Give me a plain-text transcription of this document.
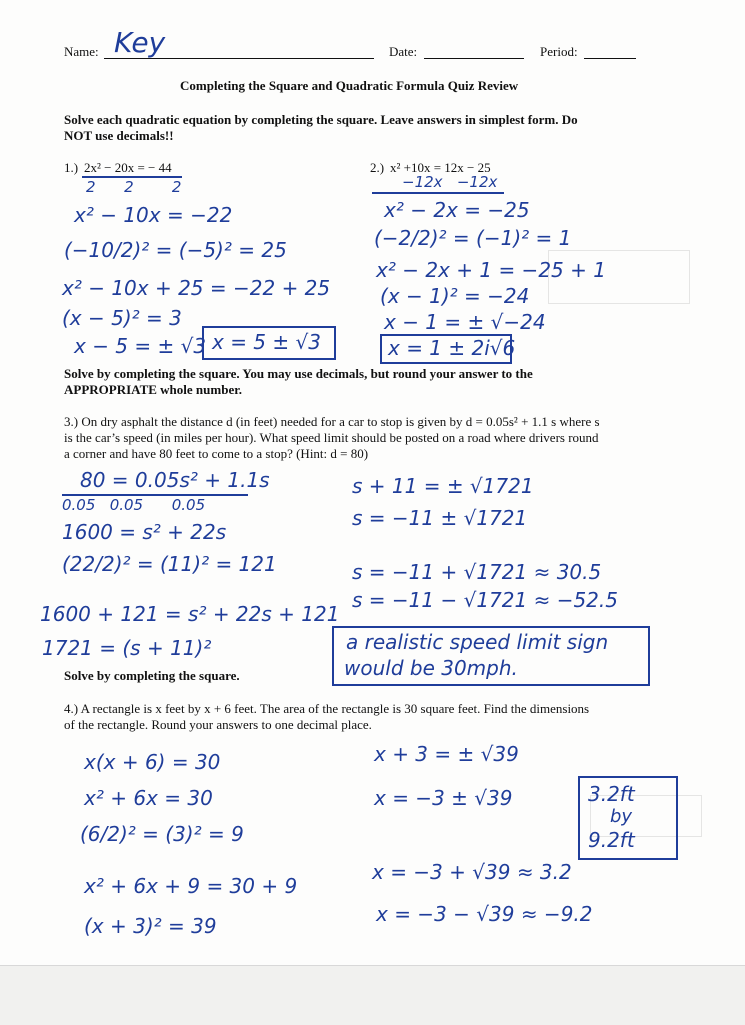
Name: Key	Date:	Period:
Completing the Square and Quadratic Formula Quiz Review
Solve each quadratic equation by completing the square. Leave answers in simplest form. Do
NOT use decimals!!
1.) 2x² − 20x = − 44
2      2        2
x² − 10x = −22
(−10/2)² = (−5)² = 25
x² − 10x + 25 = −22 + 25
(x − 5)² = 3
x − 5 = ± √3 x = 5 ± √3
2.) x² +10x = 12x − 25
−12x   −12x
x² − 2x = −25
(−2/2)² = (−1)² = 1
x² − 2x + 1 = −25 + 1
(x − 1)² = −24
x − 1 = ± √−24
x = 1 ± 2i√6
Solve by completing the square. You may use decimals, but round your answer to the
APPROPRIATE whole number.
3.) On dry asphalt the distance d (in feet) needed for a car to stop is given by d = 0.05s² + 1.1 s where s
is the car’s speed (in miles per hour). What speed limit should be posted on a road where drivers round
a corner and have 80 feet to come to a stop? (Hint: d = 80)
80 = 0.05s² + 1.1s
0.05   0.05      0.05
1600 = s² + 22s
(22/2)² = (11)² = 121
1600 + 121 = s² + 22s + 121
1721 = (s + 11)²
s + 11 = ± √1721
s = −11 ± √1721
s = −11 + √1721 ≈ 30.5
s = −11 − √1721 ≈ −52.5
a realistic speed limit sign
would be 30mph.
Solve by completing the square.
4.) A rectangle is x feet by x + 6 feet. The area of the rectangle is 30 square feet. Find the dimensions
of the rectangle. Round your answers to one decimal place.
x(x + 6) = 30
x² + 6x = 30
(6/2)² = (3)² = 9
x² + 6x + 9 = 30 + 9
(x + 3)² = 39
x + 3 = ± √39
x = −3 ± √39
x = −3 + √39 ≈ 3.2
x = −3 − √39 ≈ −9.2
3.2ft
by
9.2ft
